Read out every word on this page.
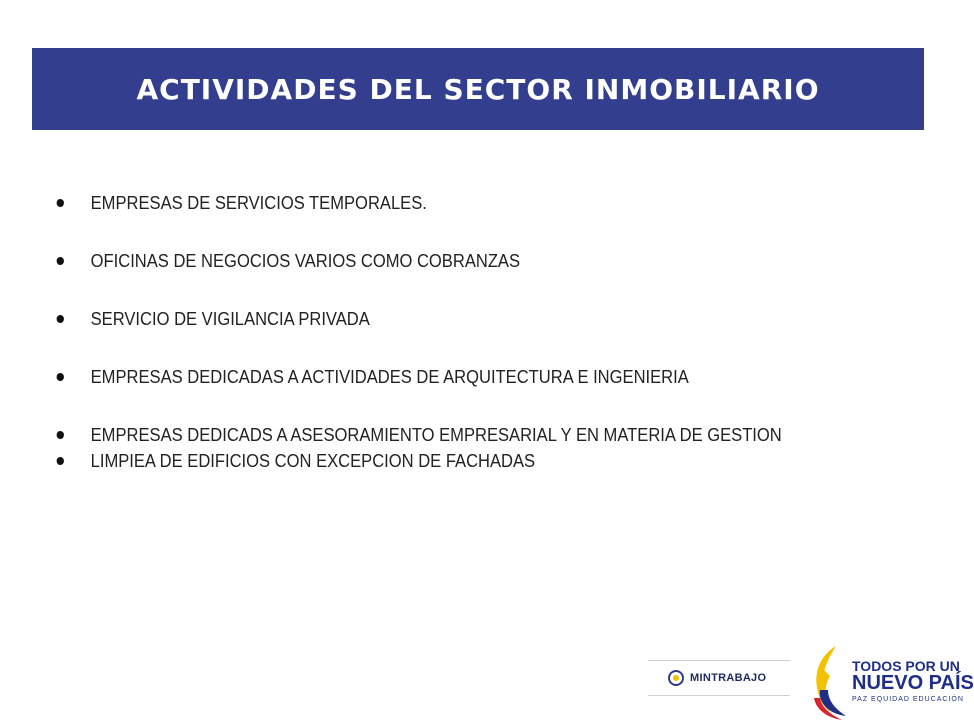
ACTIVIDADES DEL SECTOR INMOBILIARIO
EMPRESAS DE SERVICIOS TEMPORALES.
OFICINAS DE NEGOCIOS VARIOS COMO COBRANZAS
SERVICIO DE VIGILANCIA PRIVADA
EMPRESAS DEDICADAS A ACTIVIDADES DE ARQUITECTURA E INGENIERIA
EMPRESAS DEDICADS A ASESORAMIENTO EMPRESARIAL Y EN MATERIA DE GESTION
LIMPIEA DE EDIFICIOS CON EXCEPCION DE FACHADAS
MINTRABAJO
TODOS POR UN
NUEVO PAÍS
PAZ EQUIDAD EDUCACIÓN
